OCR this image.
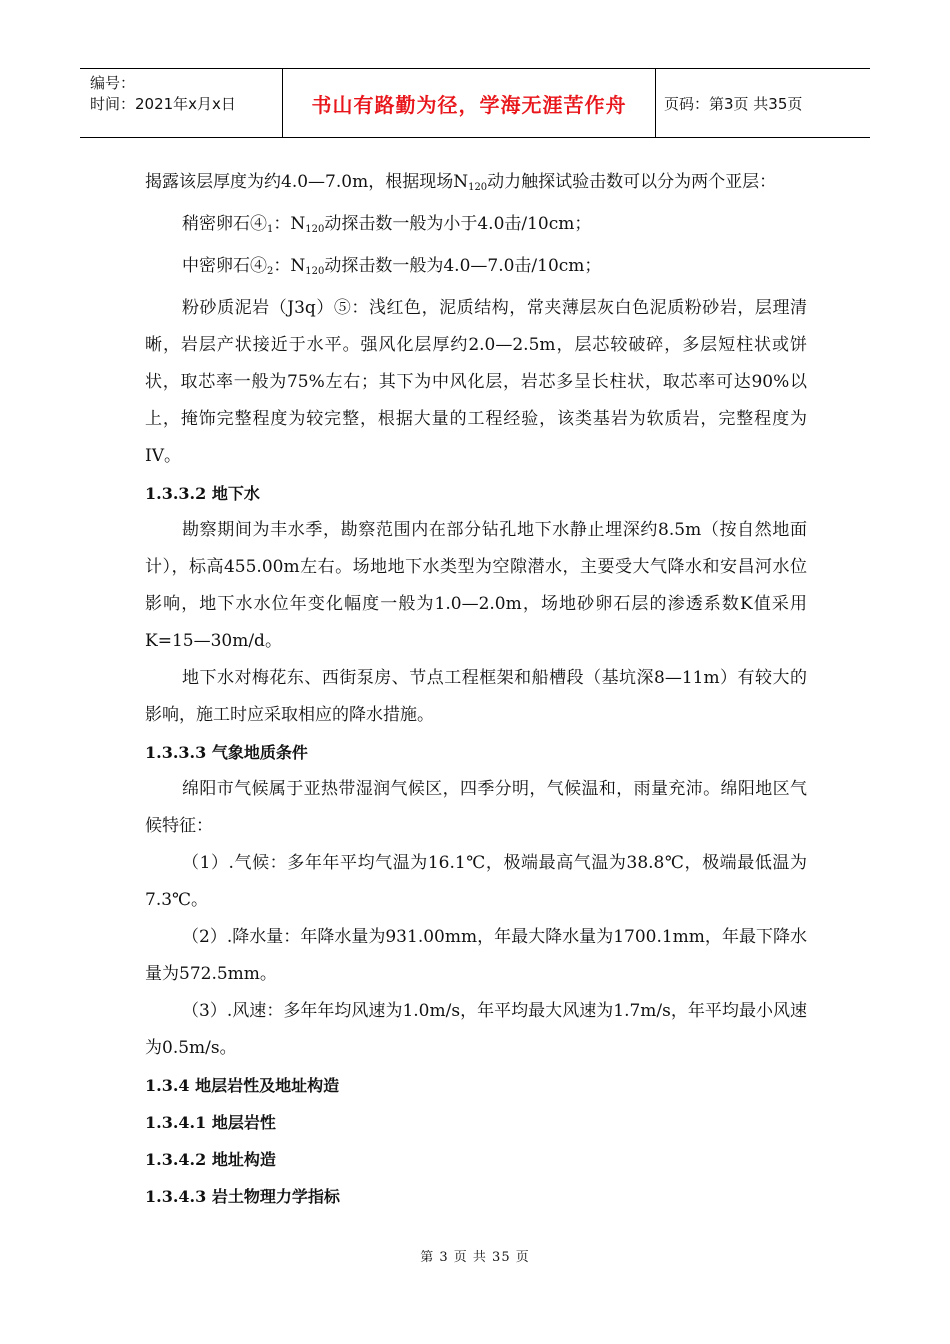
编号：
时间：2021年x月x日	书山有路勤为径，学海无涯苦作舟	页码：第3页 共35页

揭露该层厚度为约4.0—7.0m，根据现场$N_{120}$动力触探试验击数可以分为两个亚层：

稍密卵石$④_1$：$N_{120}$动探击数一般为小于4.0击/10cm；

中密卵石$④_2$：$N_{120}$动探击数一般为4.0—7.0击/10cm；

粉砂质泥岩（J3q）⑤：浅红色，泥质结构，常夹薄层灰白色泥质粉砂岩，层理清晰，岩层产状接近于水平。强风化层厚约2.0—2.5m，层芯较破碎，多层短柱状或饼状，取芯率一般为75%左右；其下为中风化层，岩芯多呈长柱状，取芯率可达90%以上，掩饰完整程度为较完整，根据大量的工程经验，该类基岩为软质岩，完整程度为IV。

1.3.3.2 地下水

勘察期间为丰水季，勘察范围内在部分钻孔地下水静止埋深约8.5m（按自然地面计），标高455.00m左右。场地地下水类型为空隙潜水，主要受大气降水和安昌河水位影响，地下水水位年变化幅度一般为1.0—2.0m，场地砂卵石层的渗透系数K值采用K=15—30m/d。

地下水对梅花东、西街泵房、节点工程框架和船槽段（基坑深8—11m）有较大的影响，施工时应采取相应的降水措施。

1.3.3.3 气象地质条件

绵阳市气候属于亚热带湿润气候区，四季分明，气候温和，雨量充沛。绵阳地区气候特征：

（1）.气候：多年年平均气温为16.1℃，极端最高气温为38.8℃，极端最低温为7.3℃。

（2）.降水量：年降水量为931.00mm，年最大降水量为1700.1mm，年最下降水量为572.5mm。

（3）.风速：多年年均风速为1.0m/s，年平均最大风速为1.7m/s，年平均最小风速为0.5m/s。

1.3.4 地层岩性及地址构造

1.3.4.1 地层岩性

1.3.4.2 地址构造

1.3.4.3 岩土物理力学指标

第 3 页 共 35 页
